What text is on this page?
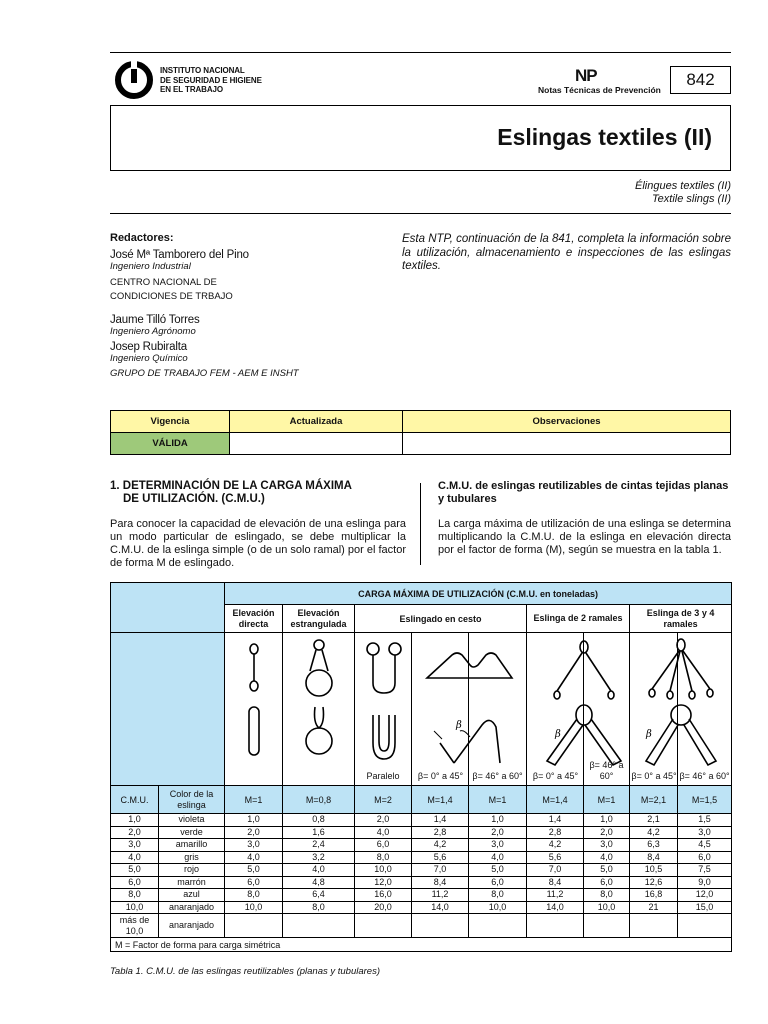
INSTITUTO NACIONAL
DE SEGURIDAD E HIGIENE
EN EL TRABAJO
NP
Notas Técnicas de Prevención
842
Eslingas textiles (II)
Élingues textiles (II)
Textile slings (II)
Redactores:
José Mª Tamborero del Pino
Ingeniero Industrial
CENTRO NACIONAL DE
CONDICIONES DE TRBAJO
Jaume Tilló Torres
Ingeniero Agrónomo
Josep Rubiralta
Ingeniero Químico
GRUPO DE TRABAJO FEM - AEM E INSHT
Esta NTP, continuación de la 841, completa la información sobre la utilización, almacenamiento e inspecciones de las eslingas textiles.
Vigencia	Actualizada	Observaciones
VÁLIDA		
1. DETERMINACIÓN DE LA CARGA MÁXIMA
DE UTILIZACIÓN. (C.M.U.)
Para conocer la capacidad de elevación de una eslinga para un modo particular de eslingado, se debe multiplicar la C.M.U. de la eslinga simple (o de un solo ramal) por el factor de forma M de eslingado.
C.M.U. de eslingas reutilizables de cintas tejidas planas y tubulares
La carga máxima de utilización de una eslinga se determina multiplicando la C.M.U. de la eslinga en elevación directa por el factor de forma (M), según se muestra en la tabla 1.
		CARGA MÁXIMA DE UTILIZACIÓN (C.M.U. en toneladas)								
		Elevación directa	Elevación estrangulada	Eslingado en cesto			Eslinga de 2 ramales		Eslinga de 3 y 4 ramales	

Paralelo	β
β= 0° a 45°	β= 46° a 60°	β
β= 0° a 45°	β= 46° a 60°	β
β= 0° a 45°	β= 46° a 60°

C.M.U.	Color de la eslinga	M=1	M=0,8	M=2	M=1,4	M=1	M=1,4	M=1	M=2,1	M=1,5
1,0	violeta	1,0	0,8	2,0	1,4	1,0	1,4	1,0	2,1	1,5
2,0	verde	2,0	1,6	4,0	2,8	2,0	2,8	2,0	4,2	3,0
3,0	amarillo	3,0	2,4	6,0	4,2	3,0	4,2	3,0	6,3	4,5
4,0	gris	4,0	3,2	8,0	5,6	4,0	5,6	4,0	8,4	6,0
5,0	rojo	5,0	4,0	10,0	7,0	5,0	7,0	5,0	10,5	7,5
6,0	marrón	6,0	4,8	12,0	8,4	6,0	8,4	6,0	12,6	9,0
8,0	azul	8,0	6,4	16,0	11,2	8,0	11,2	8,0	16,8	12,0
10,0	anaranjado	10,0	8,0	20,0	14,0	10,0	14,0	10,0	21	15,0
más de 10,0	anaranjado									
M = Factor de forma para carga simétrica										
Tabla 1. C.M.U. de las eslingas reutilizables (planas y tubulares)
